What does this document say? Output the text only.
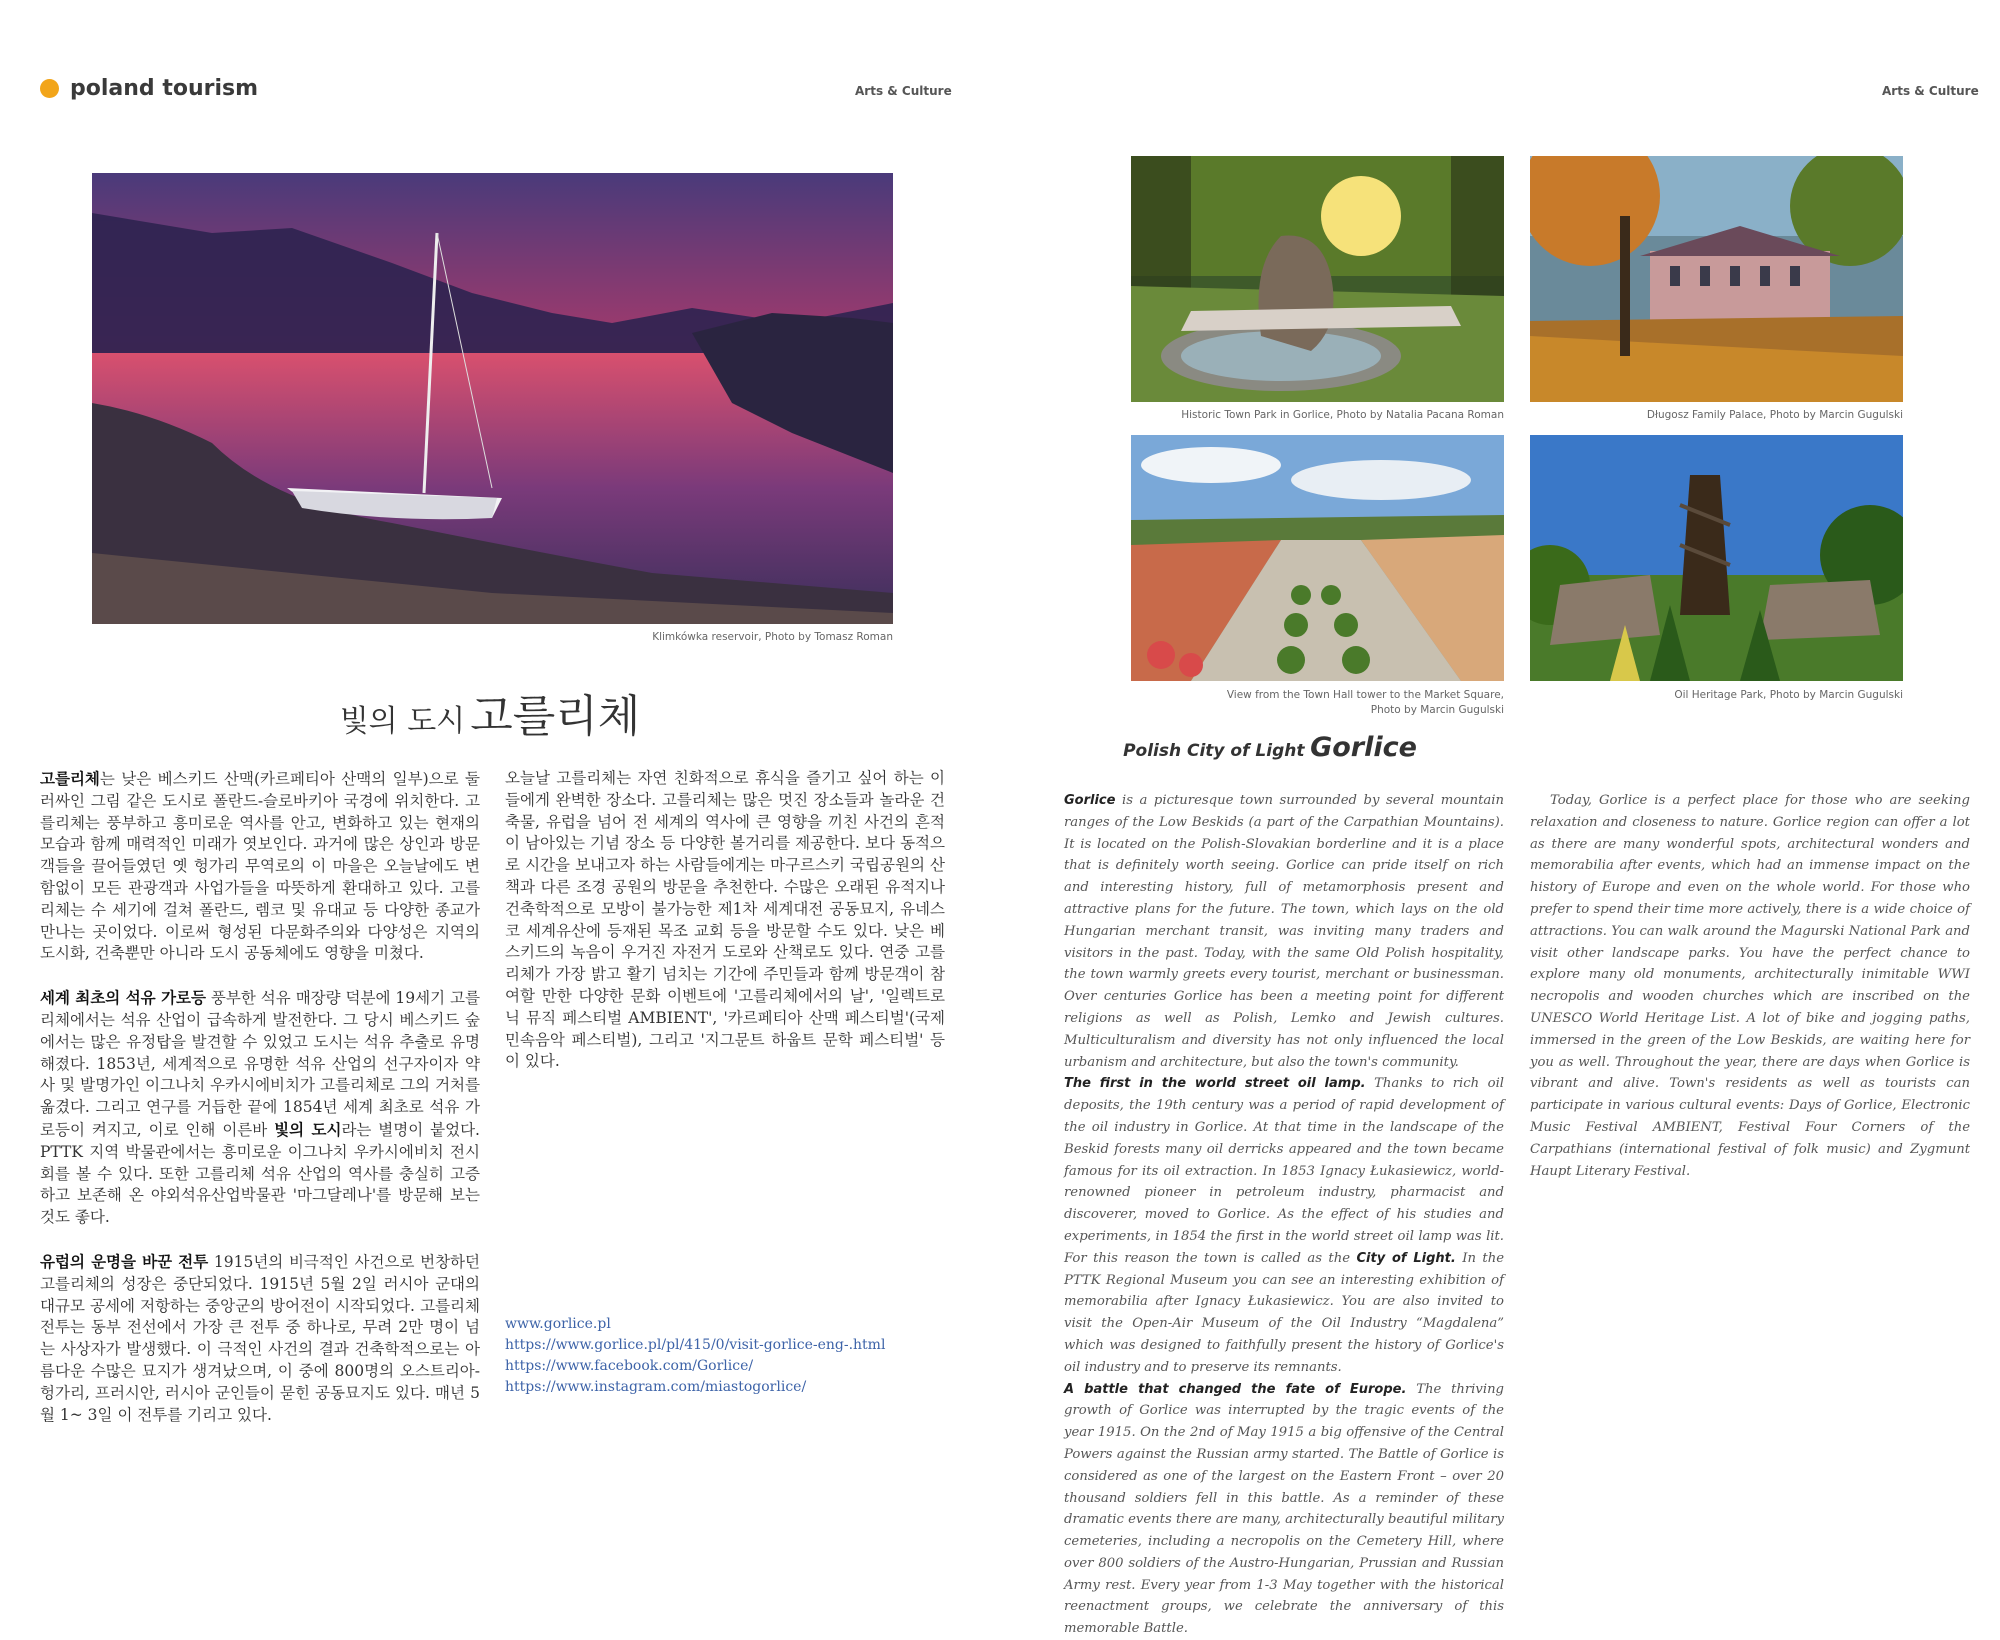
poland tourism	Arts & Culture	Arts & Culture
Klimkówka reservoir, Photo by Tomasz Roman
Historic Town Park in Gorlice, Photo by Natalia Pacana Roman	Długosz Family Palace, Photo by Marcin Gugulski
View from the Town Hall tower to the Market Square,
Photo by Marcin Gugulski
Oil Heritage Park, Photo by Marcin Gugulski
빛의 도시 고를리체
Polish City of Light Gorlice

고를리체는 낮은 베스키드 산맥(카르페티아 산맥의 일부)으로 둘러싸인 그림 같은 도시로 폴란드-슬로바키아 국경에 위치한다. 고를리체는 풍부하고 흥미로운 역사를 안고, 변화하고 있는 현재의 모습과 함께 매력적인 미래가 엿보인다. 과거에 많은 상인과 방문객들을 끌어들였던 옛 헝가리 무역로의 이 마을은 오늘날에도 변함없이 모든 관광객과 사업가들을 따뜻하게 환대하고 있다. 고를리체는 수 세기에 걸쳐 폴란드, 렘코 및 유대교 등 다양한 종교가 만나는 곳이었다. 이로써 형성된 다문화주의와 다양성은 지역의 도시화, 건축뿐만 아니라 도시 공동체에도 영향을 미쳤다.

세계 최초의 석유 가로등 풍부한 석유 매장량 덕분에 19세기 고를리체에서는 석유 산업이 급속하게 발전한다. 그 당시 베스키드 숲에서는 많은 유정탑을 발견할 수 있었고 도시는 석유 추출로 유명해졌다. 1853년, 세계적으로 유명한 석유 산업의 선구자이자 약사 및 발명가인 이그나치 우카시에비치가 고를리체로 그의 거처를 옮겼다. 그리고 연구를 거듭한 끝에 1854년 세계 최초로 석유 가로등이 켜지고, 이로 인해 이른바 빛의 도시라는 별명이 붙었다. PTTK 지역 박물관에서는 흥미로운 이그나치 우카시에비치 전시회를 볼 수 있다. 또한 고를리체 석유 산업의 역사를 충실히 고증하고 보존해 온 야외석유산업박물관 '마그달레나'를 방문해 보는 것도 좋다.

유럽의 운명을 바꾼 전투 1915년의 비극적인 사건으로 번창하던 고를리체의 성장은 중단되었다. 1915년 5월 2일 러시아 군대의 대규모 공세에 저항하는 중앙군의 방어전이 시작되었다. 고를리체 전투는 동부 전선에서 가장 큰 전투 중 하나로, 무려 2만 명이 넘는 사상자가 발생했다. 이 극적인 사건의 결과 건축학적으로는 아름다운 수많은 묘지가 생겨났으며, 이 중에 800명의 오스트리아-헝가리, 프러시안, 러시아 군인들이 묻힌 공동묘지도 있다. 매년 5월 1~ 3일 이 전투를 기리고 있다.

오늘날 고를리체는 자연 친화적으로 휴식을 즐기고 싶어 하는 이들에게 완벽한 장소다. 고를리체는 많은 멋진 장소들과 놀라운 건축물, 유럽을 넘어 전 세계의 역사에 큰 영향을 끼친 사건의 흔적이 남아있는 기념 장소 등 다양한 볼거리를 제공한다. 보다 동적으로 시간을 보내고자 하는 사람들에게는 마구르스키 국립공원의 산책과 다른 조경 공원의 방문을 추천한다. 수많은 오래된 유적지나 건축학적으로 모방이 불가능한 제1차 세계대전 공동묘지, 유네스코 세계유산에 등재된 목조 교회 등을 방문할 수도 있다. 낮은 베스키드의 녹음이 우거진 자전거 도로와 산책로도 있다. 연중 고를리체가 가장 밝고 활기 넘치는 기간에 주민들과 함께 방문객이 참여할 만한 다양한 문화 이벤트에 '고를리체에서의 날', '일렉트로닉 뮤직 페스티벌 AMBIENT', '카르페티아 산맥 페스티벌'(국제민속음악 페스티벌), 그리고 '지그문트 하웁트 문학 페스티벌' 등이 있다.

www.gorlice.pl
https://www.gorlice.pl/pl/415/0/visit-gorlice-eng-.html
https://www.facebook.com/Gorlice/
https://www.instagram.com/miastogorlice/

Gorlice is a picturesque town surrounded by several mountain ranges of the Low Beskids (a part of the Carpathian Mountains). It is located on the Polish-Slovakian borderline and it is a place that is definitely worth seeing. Gorlice can pride itself on rich and interesting history, full of metamorphosis present and attractive plans for the future. The town, which lays on the old Hungarian merchant transit, was inviting many traders and visitors in the past. Today, with the same Old Polish hospitality, the town warmly greets every tourist, merchant or businessman. Over centuries Gorlice has been a meeting point for different religions as well as Polish, Lemko and Jewish cultures. Multiculturalism and diversity has not only influenced the local urbanism and architecture, but also the town's community.

The first in the world street oil lamp. Thanks to rich oil deposits, the 19th century was a period of rapid development of the oil industry in Gorlice. At that time in the landscape of the Beskid forests many oil derricks appeared and the town became famous for its oil extraction. In 1853 Ignacy Łukasiewicz, world-renowned pioneer in petroleum industry, pharmacist and discoverer, moved to Gorlice. As the effect of his studies and experiments, in 1854 the first in the world street oil lamp was lit. For this reason the town is called as the City of Light. In the PTTK Regional Museum you can see an interesting exhibition of memorabilia after Ignacy Łukasiewicz. You are also invited to visit the Open-Air Museum of the Oil Industry “Magdalena” which was designed to faithfully present the history of Gorlice's oil industry and to preserve its remnants.

A battle that changed the fate of Europe. The thriving growth of Gorlice was interrupted by the tragic events of the year 1915. On the 2nd of May 1915 a big offensive of the Central Powers against the Russian army started. The Battle of Gorlice is considered as one of the largest on the Eastern Front – over 20 thousand soldiers fell in this battle. As a reminder of these dramatic events there are many, architecturally beautiful military cemeteries, including a necropolis on the Cemetery Hill, where over 800 soldiers of the Austro-Hungarian, Prussian and Russian Army rest. Every year from 1-3 May together with the historical reenactment groups, we celebrate the anniversary of this memorable Battle.

Today, Gorlice is a perfect place for those who are seeking relaxation and closeness to nature. Gorlice region can offer a lot as there are many wonderful spots, architectural wonders and memorabilia after events, which had an immense impact on the history of Europe and even on the whole world. For those who prefer to spend their time more actively, there is a wide choice of attractions. You can walk around the Magurski National Park and visit other landscape parks. You have the perfect chance to explore many old monuments, architecturally inimitable WWI necropolis and wooden churches which are inscribed on the UNESCO World Heritage List. A lot of bike and jogging paths, immersed in the green of the Low Beskids, are waiting here for you as well. Throughout the year, there are days when Gorlice is vibrant and alive. Town's residents as well as tourists can participate in various cultural events: Days of Gorlice, Electronic Music Festival AMBIENT, Festival Four Corners of the Carpathians (international festival of folk music) and Zygmunt Haupt Literary Festival.
